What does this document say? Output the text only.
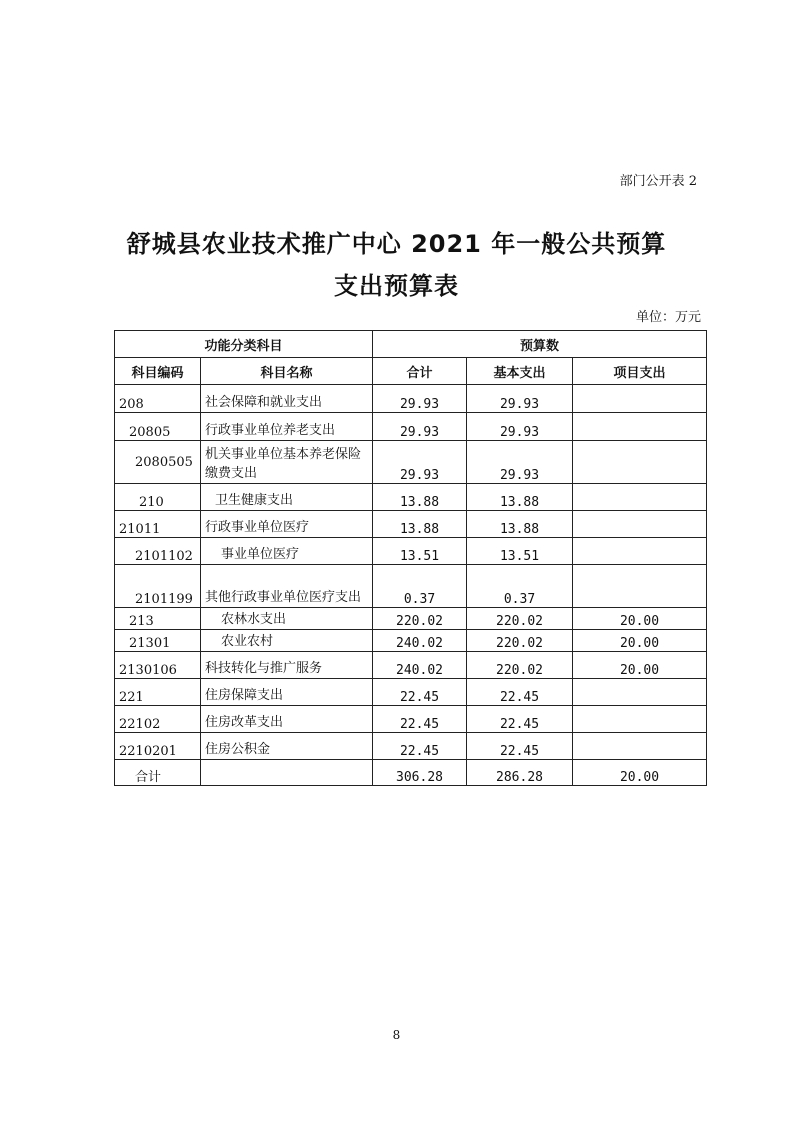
部门公开表 2
舒城县农业技术推广中心 2021 年一般公共预算
支出预算表
单位：万元
功能分类科目		预算数		
科目编码	科目名称	合计	基本支出	项目支出
208	社会保障和就业支出	29.93	29.93	
20805	行政事业单位养老支出	29.93	29.93	
2080505	机关事业单位基本养老保险缴费支出	29.93	29.93	
210	卫生健康支出	13.88	13.88	
21011	行政事业单位医疗	13.88	13.88	
2101102	事业单位医疗	13.51	13.51	
2101199	其他行政事业单位医疗支出	0.37	0.37	
213	农林水支出	220.02	220.02	20.00
21301	农业农村	240.02	220.02	20.00
2130106	科技转化与推广服务	240.02	220.02	20.00
221	住房保障支出	22.45	22.45	
22102	住房改革支出	22.45	22.45	
2210201	住房公积金	22.45	22.45	
合计		306.28	286.28	20.00
8
